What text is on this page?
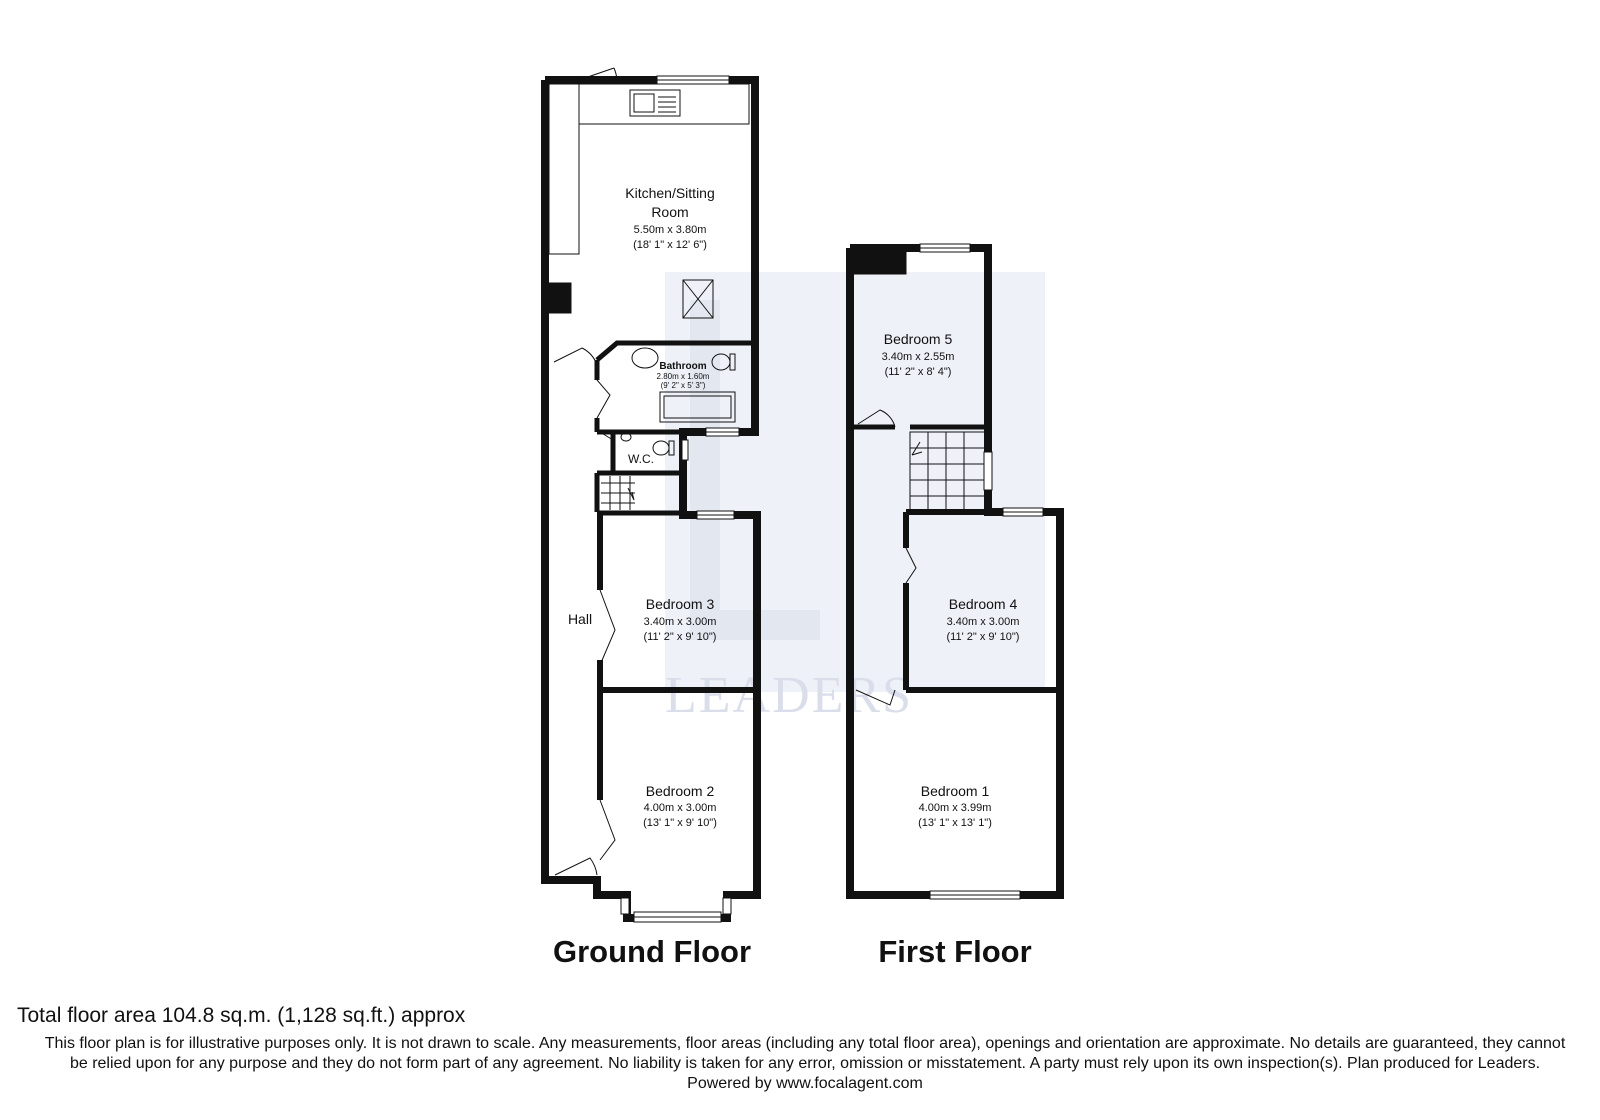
LEADERS
Kitchen/Sitting
Room
5.50m x 3.80m
(18' 1" x 12' 6")
Bathroom
2.80m x 1.60m
(9' 2" x 5' 3")
W.C.
Hall
Bedroom 3
3.40m x 3.00m
(11' 2" x 9' 10")
Bedroom 2
4.00m x 3.00m
(13' 1" x 9' 10")
Bedroom 5
3.40m x 2.55m
(11' 2" x 8' 4")
Bedroom 4
3.40m x 3.00m
(11' 2" x 9' 10")
Bedroom 1
4.00m x 3.99m
(13' 1" x 13' 1")
Ground Floor	First Floor

Total floor area 104.8 sq.m. (1,128 sq.ft.) approx

This floor plan is for illustrative purposes only. It is not drawn to scale. Any measurements, floor areas (including any total floor area), openings and orientation are approximate. No details are guaranteed, they cannot be relied upon for any purpose and they do not form part of any agreement. No liability is taken for any error, omission or misstatement. A party must rely upon its own inspection(s). Plan produced for Leaders. Powered by www.focalagent.com
